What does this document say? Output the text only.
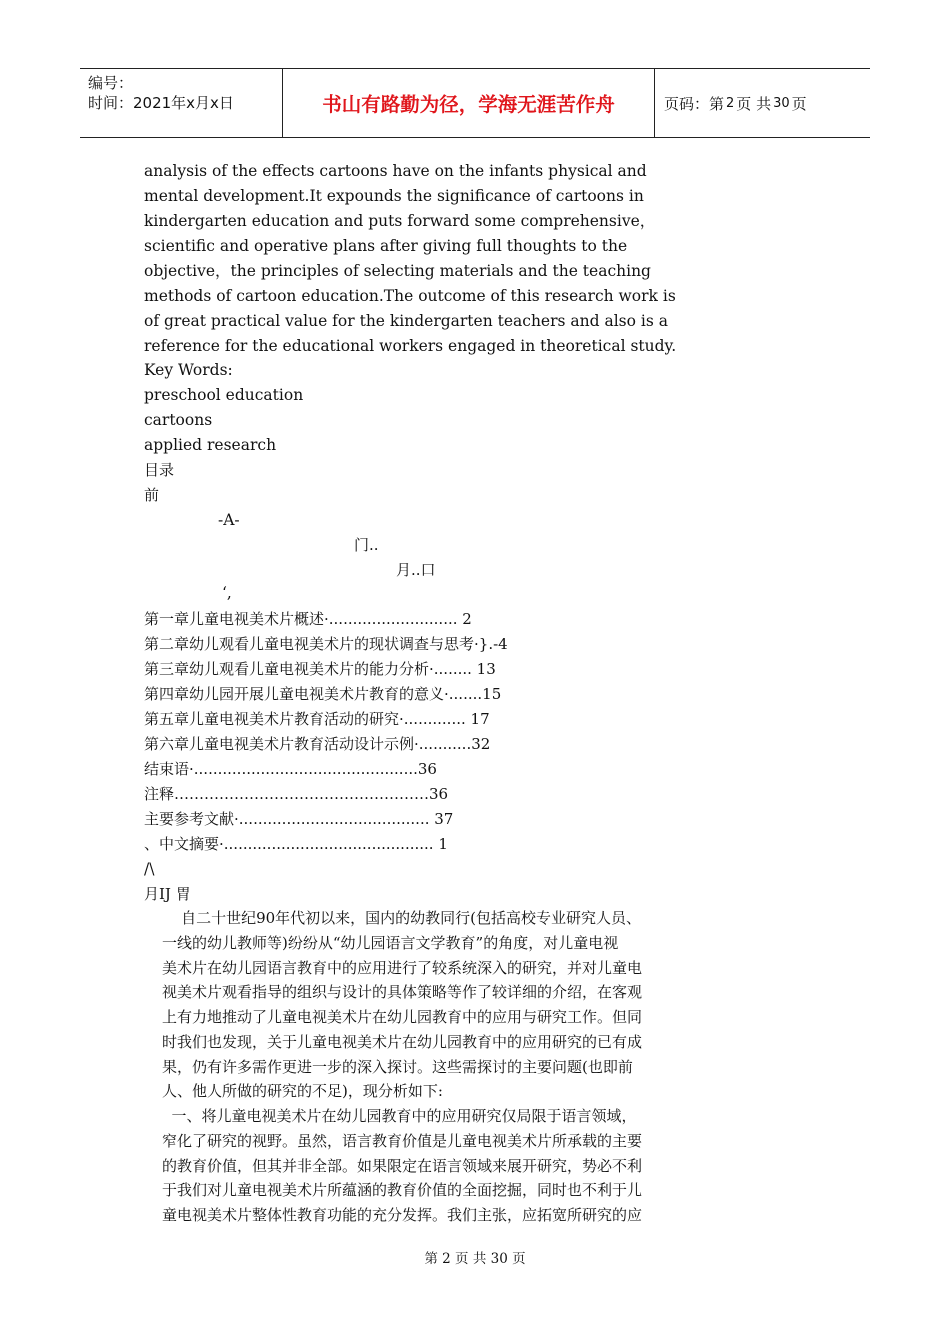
编号：
时间：2021年x月x日	书山有路勤为径，学海无涯苦作舟	页码：第 2 页 共 30 页
analysis of the effects cartoons have on the infants physical and
mental development.It expounds the significance of cartoons in
kindergarten education and puts forward some comprehensive，
scientific and operative plans after giving full thoughts to the
objective，the principles of selecting materials and the teaching
methods of cartoon education.The outcome of this research work is
of great practical value for the kindergarten teachers and also is a
reference for the educational workers engaged in theoretical study.
Key Words:
preschool education
cartoons
applied research
目录
前
-A-
门..
月..口
‘,
第一章儿童电视美术片概述·........................... 2
第二章幼儿观看儿童电视美术片的现状调查与思考·}.-4
第三章幼儿观看儿童电视美术片的能力分析·........ 13
第四章幼儿园开展儿童电视美术片教育的意义·.......15
第五章儿童电视美术片教育活动的研究·............. 17
第六章儿童电视美术片教育活动设计示例·...........32
结束语·...............................................36
注释……………………………………………36
主要参考文献·........................................ 37
、中文摘要·............................................ 1
/\
月IJ 胃
自二十世纪90年代初以来，国内的幼教同行(包括高校专业研究人员、
一线的幼儿教师等)纷纷从“幼儿园语言文学教育”的角度，对儿童电视
美术片在幼儿园语言教育中的应用进行了较系统深入的研究，并对儿童电
视美术片观看指导的组织与设计的具体策略等作了较详细的介绍，在客观
上有力地推动了儿童电视美术片在幼儿园教育中的应用与研究工作。但同
时我们也发现，关于儿童电视美术片在幼儿园教育中的应用研究的已有成
果，仍有许多需作更进一步的深入探讨。这些需探讨的主要问题(也即前
人、他人所做的研究的不足)，现分析如下:
一、将儿童电视美术片在幼儿园教育中的应用研究仅局限于语言领域，
窄化了研究的视野。虽然，语言教育价值是儿童电视美术片所承载的主要
的教育价值，但其并非全部。如果限定在语言领域来展开研究，势必不利
于我们对儿童电视美术片所蕴涵的教育价值的全面挖掘，同时也不利于儿
童电视美术片整体性教育功能的充分发挥。我们主张，应拓宽所研究的应
第 2 页 共 30 页
